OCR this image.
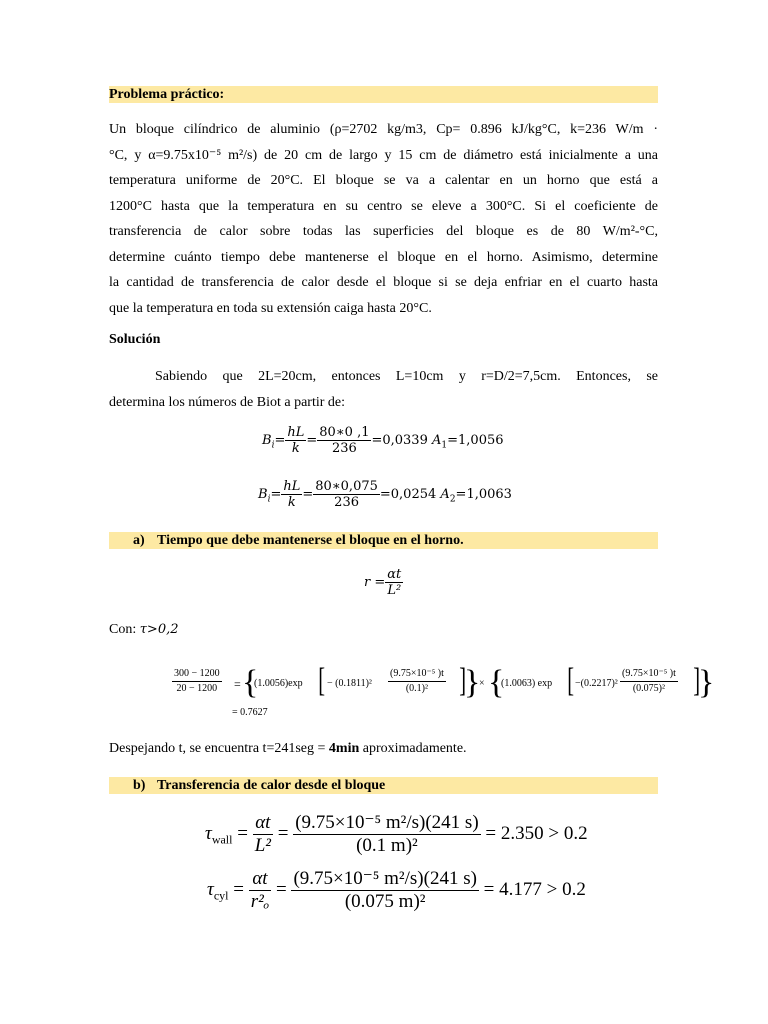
Problema práctico:
Un bloque cilíndrico de aluminio (ρ=2702 kg/m3, Cp= 0.896 kJ/kg°C, k=236 W/m ·
°C, y α=9.75x10⁻⁵ m²/s) de 20 cm de largo y 15 cm de diámetro está inicialmente a una
temperatura uniforme de 20°C. El bloque se va a calentar en un horno que está a
1200°C hasta que la temperatura en su centro se eleve a 300°C. Si el coeficiente de
transferencia de calor sobre todas las superficies del bloque es de 80 W/m²-°C,
determine cuánto tiempo debe mantenerse el bloque en el horno. Asimismo, determine
la cantidad de transferencia de calor desde el bloque si se deja enfriar en el cuarto hasta
que la temperatura en toda su extensión caiga hasta 20°C.
Solución
Sabiendo que 2L=20cm, entonces L=10cm y r=D/2=7,5cm. Entonces, se
determina los números de Biot a partir de:
$B_i= \frac{hL}{k} = \frac{80∗0 ,1}{236} =0,0339$ $A_1=1,0056$
$B_i= \frac{hL}{k} = \frac{80∗0,075}{236} =0,0254$ $A_2=1,0063$
a) Tiempo que debe mantenerse el bloque en el horno.
$r = \frac{\alpha t}{\text{L²}}$
Con: τ>0,2
$\frac{300 - 1200}{20 - 1200}$ = {
(1.0056)exp [ − $(0.1811)^2 \frac{\text{(9.75×10⁻⁵ )t}}{\text{(0.1)²}}$ ]
}
× {
(1.0063) exp [ $-(0.2217)^2 \frac{\text{(9.75×10⁻⁵ )t}}{\text{(0.075)²}}$ ]
}
= 0.7627
Despejando t, se encuentra t=241seg = 4min aproximadamente.
b) Transferencia de calor desde el bloque
$\tau_{wall} = \frac{\alpha t}{\text{L²}} = \frac{\text{(9.75×10⁻⁵ m²/s)(241 s)}}{\text{(0.1 m)²}} = 2.350 > 0.2$
$\tau_{cyl} = \frac{\alpha t}{\text{r²ₒ}} = \frac{\text{(9.75×10⁻⁵ m²/s)(241 s)}}{\text{(0.075 m)²}} = 4.177 > 0.2$
